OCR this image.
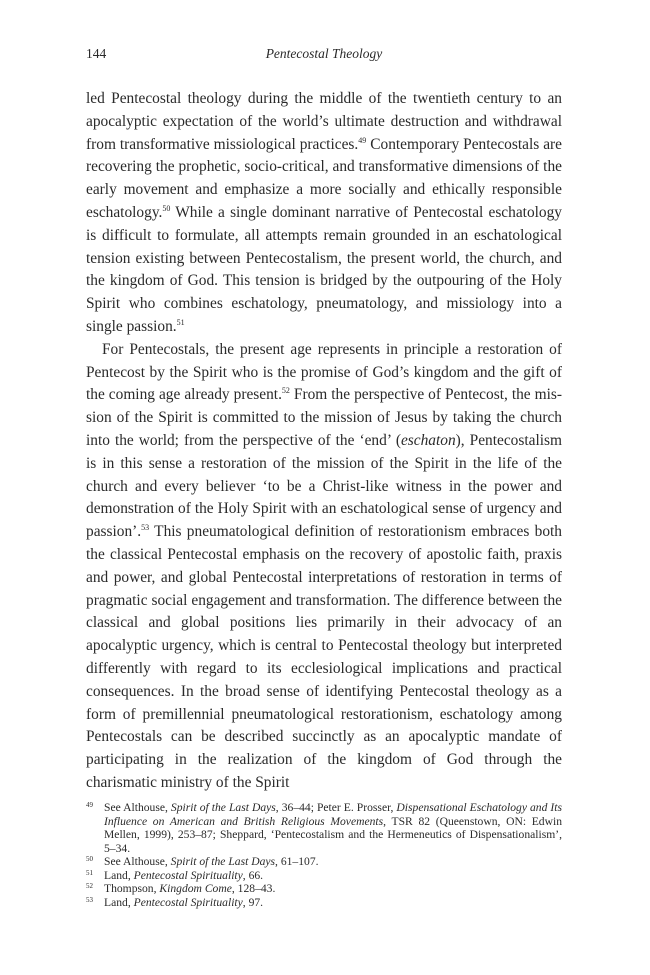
144	Pentecostal Theology

led Pentecostal theology during the middle of the twentieth century to an apocalyptic expectation of the world’s ultimate destruction and withdrawal from transformative missiological practices.$^{49}$ Contemporary Pentecostals are recovering the prophetic, socio-critical, and transformative dimensions of the early movement and emphasize a more socially and ethically responsible eschatology.$^{50}$ While a single dominant narrative of Pentecostal eschatology is difficult to formulate, all attempts remain grounded in an eschatological tension existing between Pentecostalism, the present world, the church, and the kingdom of God. This tension is bridged by the outpouring of the Holy Spirit who combines eschatology, pneumatology, and missiology into a single passion.$^{51}$

For Pentecostals, the present age represents in principle a restoration of Pentecost by the Spirit who is the promise of God’s kingdom and the gift of the coming age already present.$^{52}$ From the perspective of Pentecost, the mission of the Spirit is committed to the mission of Jesus by taking the church into the world; from the perspective of the ‘end’ (eschaton), Pentecostalism is in this sense a restoration of the mission of the Spirit in the life of the church and every believer ‘to be a Christ-like witness in the power and demonstration of the Holy Spirit with an eschatological sense of urgency and passion’.$^{53}$ This pneumatological definition of restorationism embraces both the classical Pentecostal emphasis on the recovery of apostolic faith, praxis and power, and global Pentecostal interpretations of restoration in terms of pragmatic social engagement and transformation. The difference between the classical and global positions lies primarily in their advocacy of an apocalyptic urgency, which is central to Pentecostal theology but interpreted differently with regard to its ecclesiological implications and practical consequences. In the broad sense of identifying Pentecostal theology as a form of premillennial pneumatological restorationism, eschatology among Pentecostals can be described succinctly as an apocalyptic mandate of participating in the realization of the kingdom of God through the charismatic ministry of the Spirit

49 See Althouse, Spirit of the Last Days, 36–44; Peter E. Prosser, Dispensational Eschatology and Its Influence on American and British Religious Movements, TSR 82 (Queenstown, ON: Edwin Mellen, 1999), 253–87; Sheppard, ‘Pentecostalism and the Hermeneutics of Dispensationalism’, 5–34.
50 See Althouse, Spirit of the Last Days, 61–107.
51 Land, Pentecostal Spirituality, 66.
52 Thompson, Kingdom Come, 128–43.
53 Land, Pentecostal Spirituality, 97.
